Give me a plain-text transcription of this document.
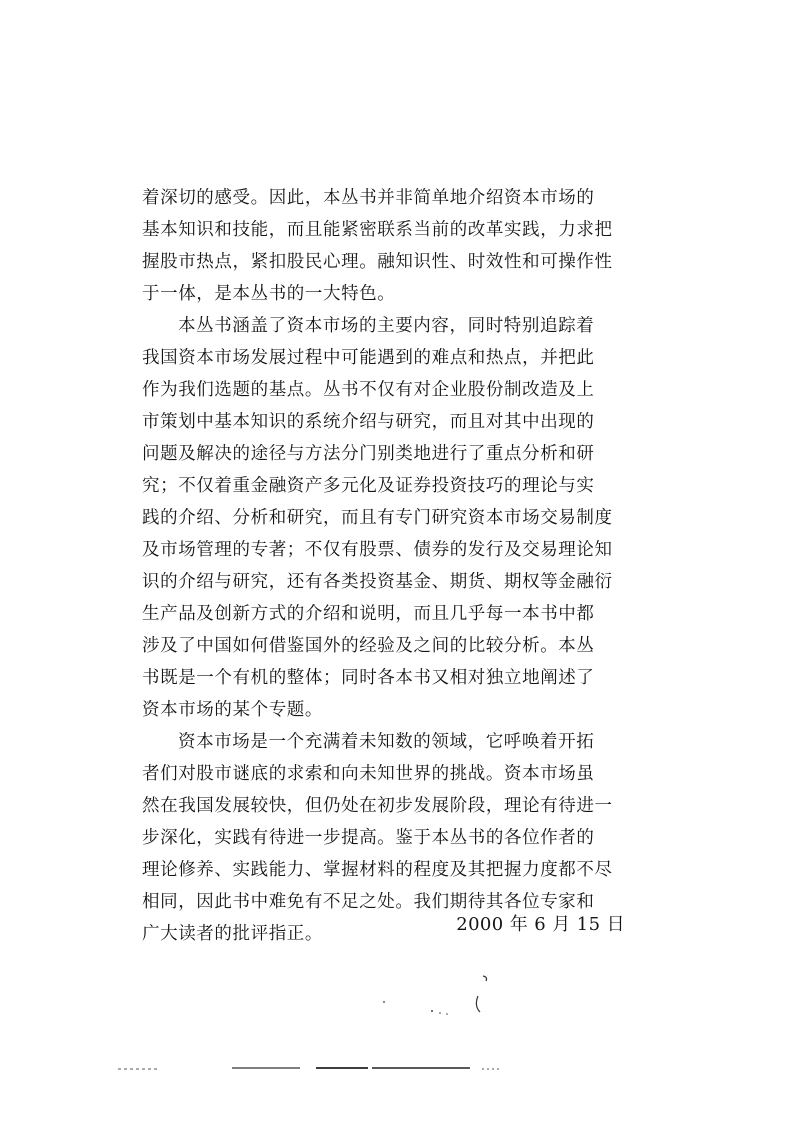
着深切的感受。因此，本丛书并非简单地介绍资本市场的
基本知识和技能，而且能紧密联系当前的改革实践，力求把
握股市热点，紧扣股民心理。融知识性、时效性和可操作性
于一体，是本丛书的一大特色。
本丛书涵盖了资本市场的主要内容，同时特别追踪着
我国资本市场发展过程中可能遇到的难点和热点，并把此
作为我们选题的基点。丛书不仅有对企业股份制改造及上
市策划中基本知识的系统介绍与研究，而且对其中出现的
问题及解决的途径与方法分门别类地进行了重点分析和研
究；不仅着重金融资产多元化及证券投资技巧的理论与实
践的介绍、分析和研究，而且有专门研究资本市场交易制度
及市场管理的专著；不仅有股票、债券的发行及交易理论知
识的介绍与研究，还有各类投资基金、期货、期权等金融衍
生产品及创新方式的介绍和说明，而且几乎每一本书中都
涉及了中国如何借鉴国外的经验及之间的比较分析。本丛
书既是一个有机的整体；同时各本书又相对独立地阐述了
资本市场的某个专题。
资本市场是一个充满着未知数的领域，它呼唤着开拓
者们对股市谜底的求索和向未知世界的挑战。资本市场虽
然在我国发展较快，但仍处在初步发展阶段，理论有待进一
步深化，实践有待进一步提高。鉴于本丛书的各位作者的
理论修养、实践能力、掌握材料的程度及其把握力度都不尽
相同，因此书中难免有不足之处。我们期待其各位专家和
广大读者的批评指正。	2000 年 6 月 15 日
